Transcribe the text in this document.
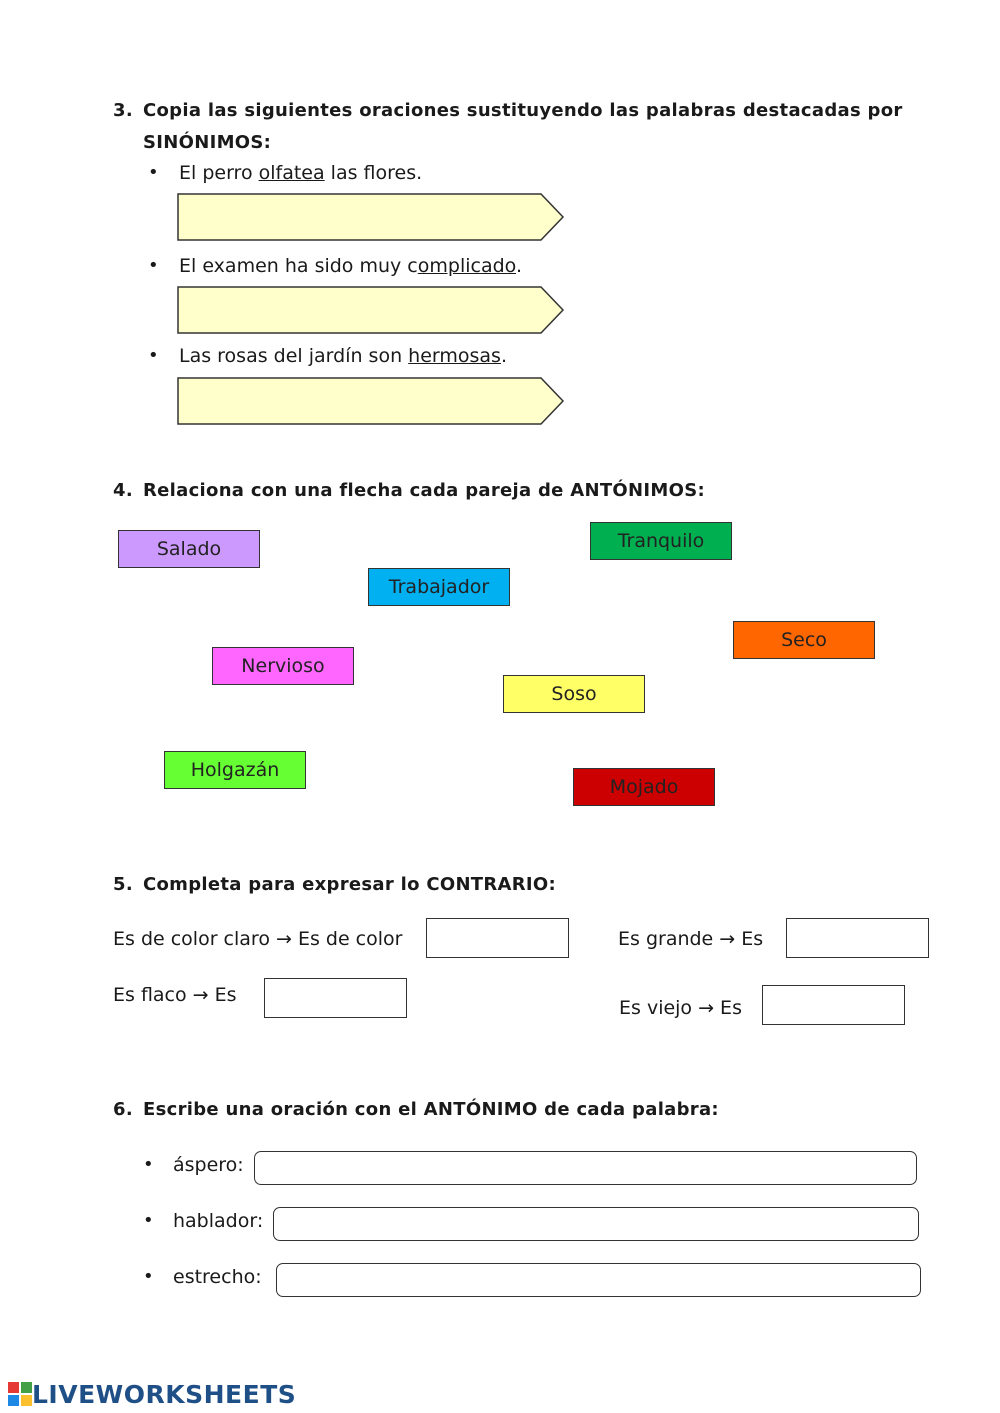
3. Copia las siguientes oraciones sustituyendo las palabras destacadas por
SINÓNIMOS:
• El perro olfatea las flores.
• El examen ha sido muy complicado.
• Las rosas del jardín son hermosas.
4. Relaciona con una flecha cada pareja de ANTÓNIMOS:
Salado	Tranquilo
Trabajador
Seco
Nervioso
Soso
Holgazán
Mojado
5. Completa para expresar lo CONTRARIO:
Es de color claro → Es de color	Es grande → Es
Es flaco → Es
Es viejo → Es
6. Escribe una oración con el ANTÓNIMO de cada palabra:
• áspero:
• hablador:
• estrecho:
LIVEWORKSHEETS
